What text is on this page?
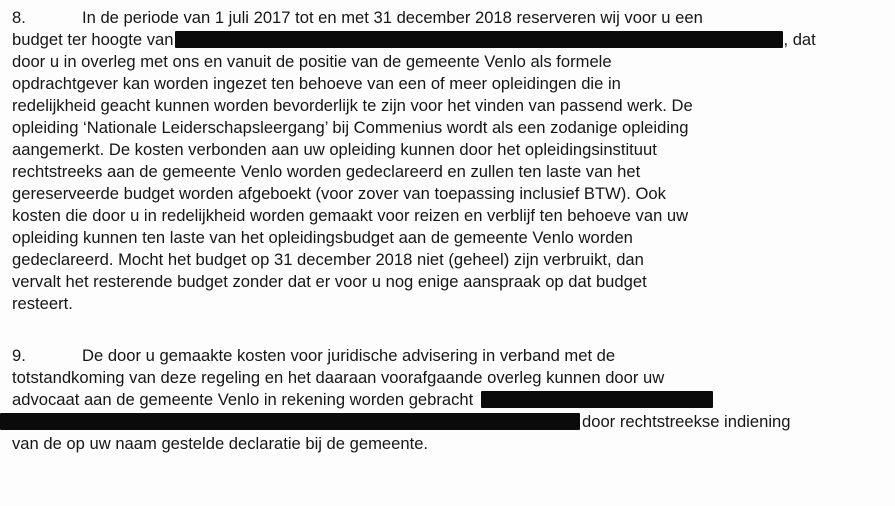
8.	In de periode van 1 juli 2017 tot en met 31 december 2018 reserveren wij voor u een
budget ter hoogte van	, dat
door u in overleg met ons en vanuit de positie van de gemeente Venlo als formele
opdrachtgever kan worden ingezet ten behoeve van een of meer opleidingen die in
redelijkheid geacht kunnen worden bevorderlijk te zijn voor het vinden van passend werk. De
opleiding ‘Nationale Leiderschapsleergang’ bij Commenius wordt als een zodanige opleiding
aangemerkt. De kosten verbonden aan uw opleiding kunnen door het opleidingsinstituut
rechtstreeks aan de gemeente Venlo worden gedeclareerd en zullen ten laste van het
gereserveerde budget worden afgeboekt (voor zover van toepassing inclusief BTW). Ook
kosten die door u in redelijkheid worden gemaakt voor reizen en verblijf ten behoeve van uw
opleiding kunnen ten laste van het opleidingsbudget aan de gemeente Venlo worden
gedeclareerd. Mocht het budget op 31 december 2018 niet (geheel) zijn verbruikt, dan
vervalt het resterende budget zonder dat er voor u nog enige aanspraak op dat budget
resteert.
9.	De door u gemaakte kosten voor juridische advisering in verband met de
totstandkoming van deze regeling en het daaraan voorafgaande overleg kunnen door uw
advocaat aan de gemeente Venlo in rekening worden gebracht
door rechtstreekse indiening
van de op uw naam gestelde declaratie bij de gemeente.
